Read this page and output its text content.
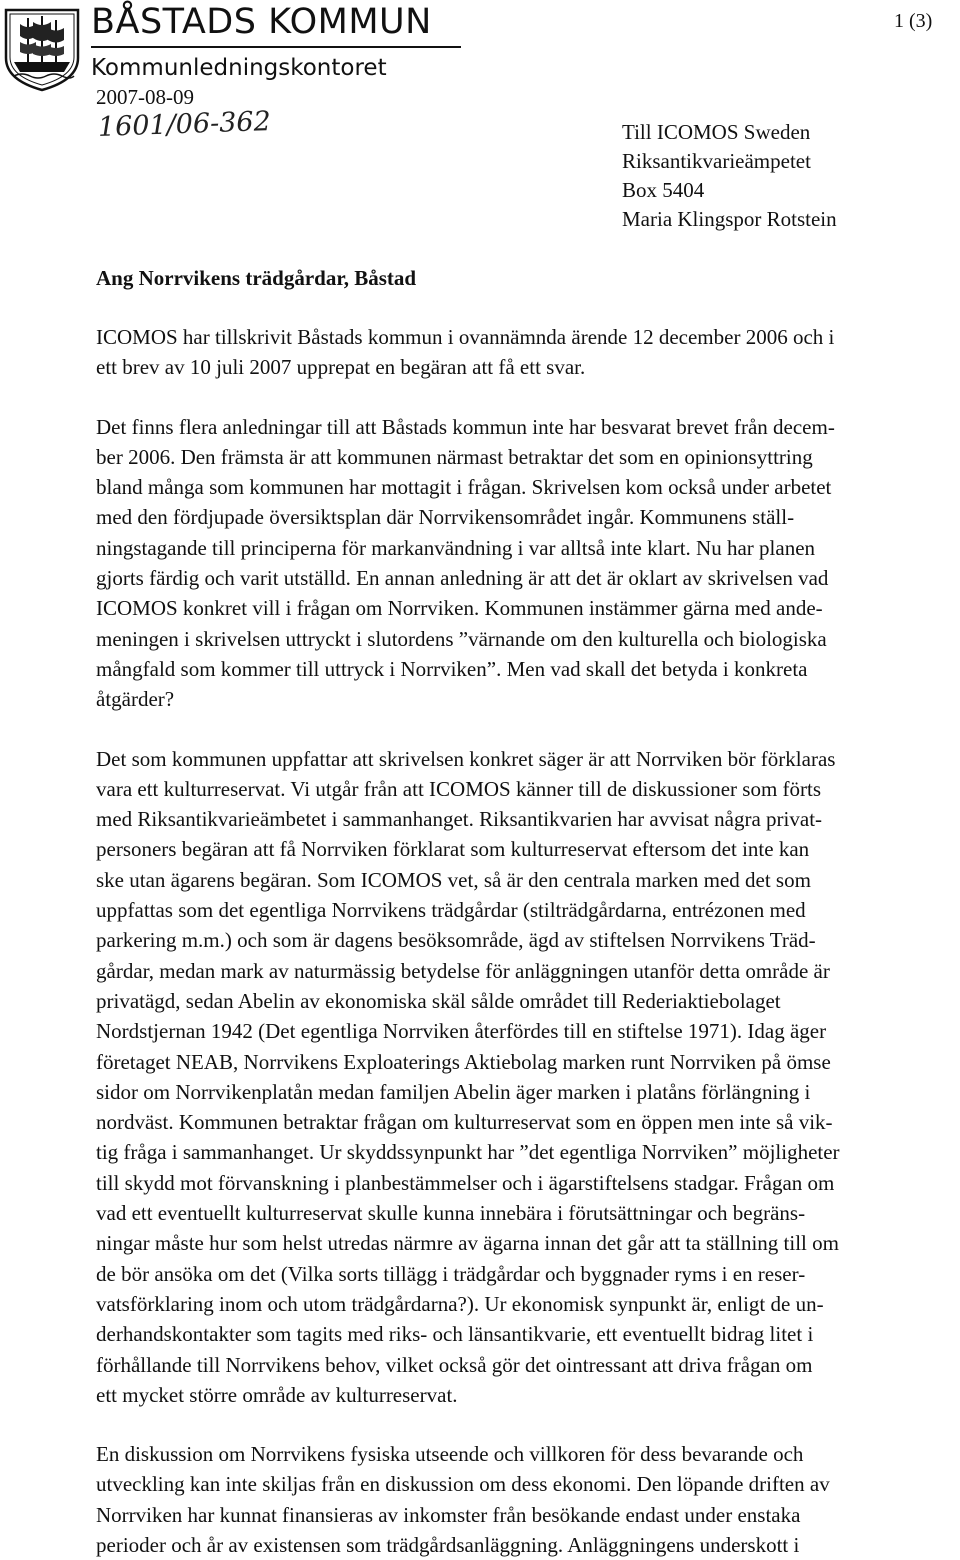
BÅSTADS KOMMUN
Kommunledningskontoret
1 (3)
2007-08-09
1601/06-362	Till ICOMOS Sweden
Riksantikvarieämpetet
Box 5404
Maria Klingspor Rotstein
Ang Norrvikens trädgårdar, Båstad
ICOMOS har tillskrivit Båstads kommun i ovannämnda ärende 12 december 2006 och i
ett brev av 10 juli 2007 upprepat en begäran att få ett svar.
Det finns flera anledningar till att Båstads kommun inte har besvarat brevet från decem-
ber 2006. Den främsta är att kommunen närmast betraktar det som en opinionsyttring
bland många som kommunen har mottagit i frågan. Skrivelsen kom också under arbetet
med den fördjupade översiktsplan där Norrvikensområdet ingår. Kommunens ställ-
ningstagande till principerna för markanvändning i var alltså inte klart. Nu har planen
gjorts färdig och varit utställd. En annan anledning är att det är oklart av skrivelsen vad
ICOMOS konkret vill i frågan om Norrviken. Kommunen instämmer gärna med ande-
meningen i skrivelsen uttryckt i slutordens ”värnande om den kulturella och biologiska
mångfald som kommer till uttryck i Norrviken”. Men vad skall det betyda i konkreta
åtgärder?
Det som kommunen uppfattar att skrivelsen konkret säger är att Norrviken bör förklaras
vara ett kulturreservat. Vi utgår från att ICOMOS känner till de diskussioner som förts
med Riksantikvarieämbetet i sammanhanget. Riksantikvarien har avvisat några privat-
personers begäran att få Norrviken förklarat som kulturreservat eftersom det inte kan
ske utan ägarens begäran. Som ICOMOS vet, så är den centrala marken med det som
uppfattas som det egentliga Norrvikens trädgårdar (stilträdgårdarna, entrézonen med
parkering m.m.) och som är dagens besöksområde, ägd av stiftelsen Norrvikens Träd-
gårdar, medan mark av naturmässig betydelse för anläggningen utanför detta område är
privatägd, sedan Abelin av ekonomiska skäl sålde området till Rederiaktiebolaget
Nordstjernan 1942 (Det egentliga Norrviken återfördes till en stiftelse 1971). Idag äger
företaget NEAB, Norrvikens Exploaterings Aktiebolag marken runt Norrviken på ömse
sidor om Norrvikenplatån medan familjen Abelin äger marken i platåns förlängning i
nordväst. Kommunen betraktar frågan om kulturreservat som en öppen men inte så vik-
tig fråga i sammanhanget. Ur skyddssynpunkt har ”det egentliga Norrviken” möjligheter
till skydd mot förvanskning i planbestämmelser och i ägarstiftelsens stadgar. Frågan om
vad ett eventuellt kulturreservat skulle kunna innebära i förutsättningar och begräns-
ningar måste hur som helst utredas närmre av ägarna innan det går att ta ställning till om
de bör ansöka om det (Vilka sorts tillägg i trädgårdar och byggnader ryms i en reser-
vatsförklaring inom och utom trädgårdarna?). Ur ekonomisk synpunkt är, enligt de un-
derhandskontakter som tagits med riks- och länsantikvarie, ett eventuellt bidrag litet i
förhållande till Norrvikens behov, vilket också gör det ointressant att driva frågan om
ett mycket större område av kulturreservat.
En diskussion om Norrvikens fysiska utseende och villkoren för dess bevarande och
utveckling kan inte skiljas från en diskussion om dess ekonomi. Den löpande driften av
Norrviken har kunnat finansieras av inkomster från besökande endast under enstaka
perioder och år av existensen som trädgårdsanläggning. Anläggningens underskott i
